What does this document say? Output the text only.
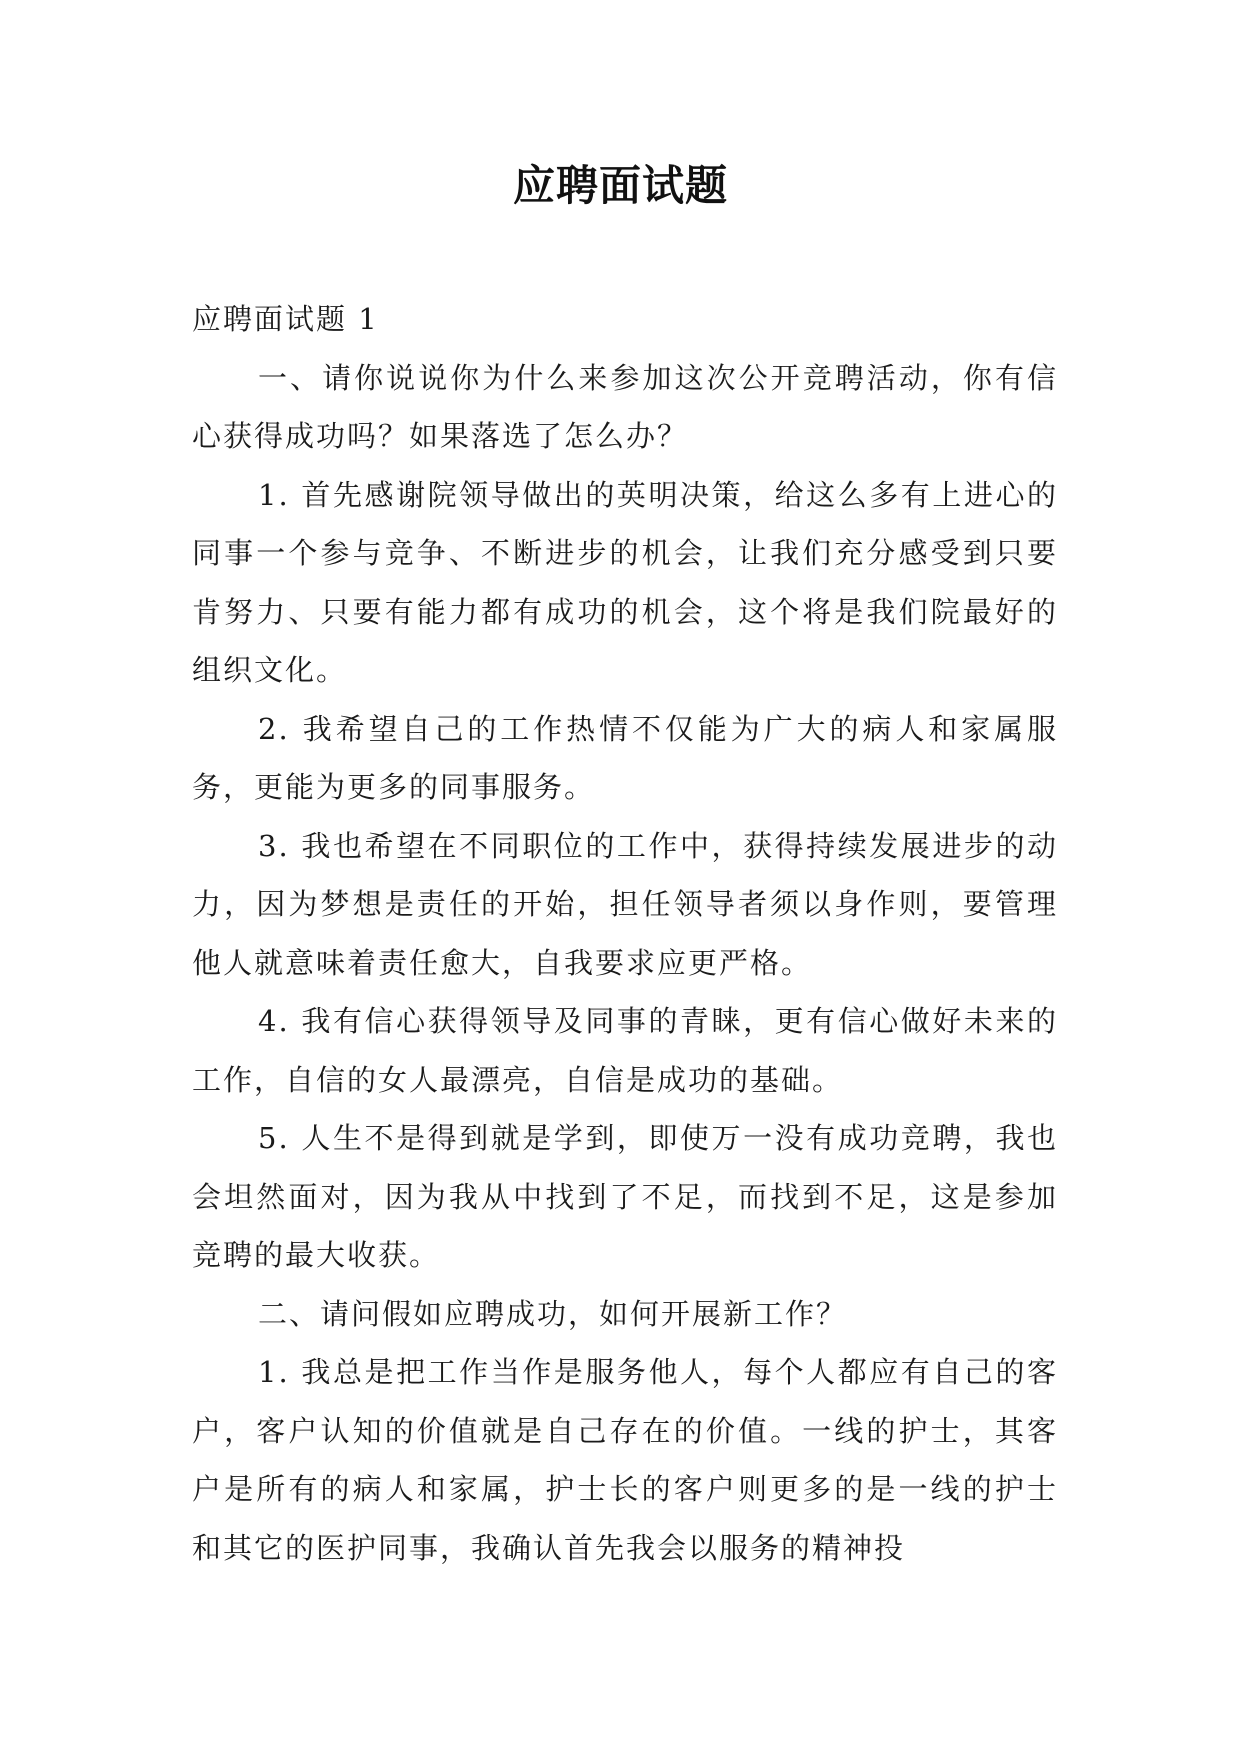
应聘面试题

应聘面试题 1

一、请你说说你为什么来参加这次公开竞聘活动，你有信心获得成功吗？如果落选了怎么办？

1. 首先感谢院领导做出的英明决策，给这么多有上进心的同事一个参与竞争、不断进步的机会，让我们充分感受到只要肯努力、只要有能力都有成功的机会，这个将是我们院最好的组织文化。

2. 我希望自己的工作热情不仅能为广大的病人和家属服务，更能为更多的同事服务。

3. 我也希望在不同职位的工作中，获得持续发展进步的动力，因为梦想是责任的开始，担任领导者须以身作则，要管理他人就意味着责任愈大，自我要求应更严格。

4. 我有信心获得领导及同事的青睐，更有信心做好未来的工作，自信的女人最漂亮，自信是成功的基础。

5. 人生不是得到就是学到，即使万一没有成功竞聘，我也会坦然面对，因为我从中找到了不足，而找到不足，这是参加竞聘的最大收获。

二、请问假如应聘成功，如何开展新工作？

1. 我总是把工作当作是服务他人，每个人都应有自己的客户，客户认知的价值就是自己存在的价值。一线的护士，其客户是所有的病人和家属，护士长的客户则更多的是一线的护士和其它的医护同事，我确认首先我会以服务的精神投
